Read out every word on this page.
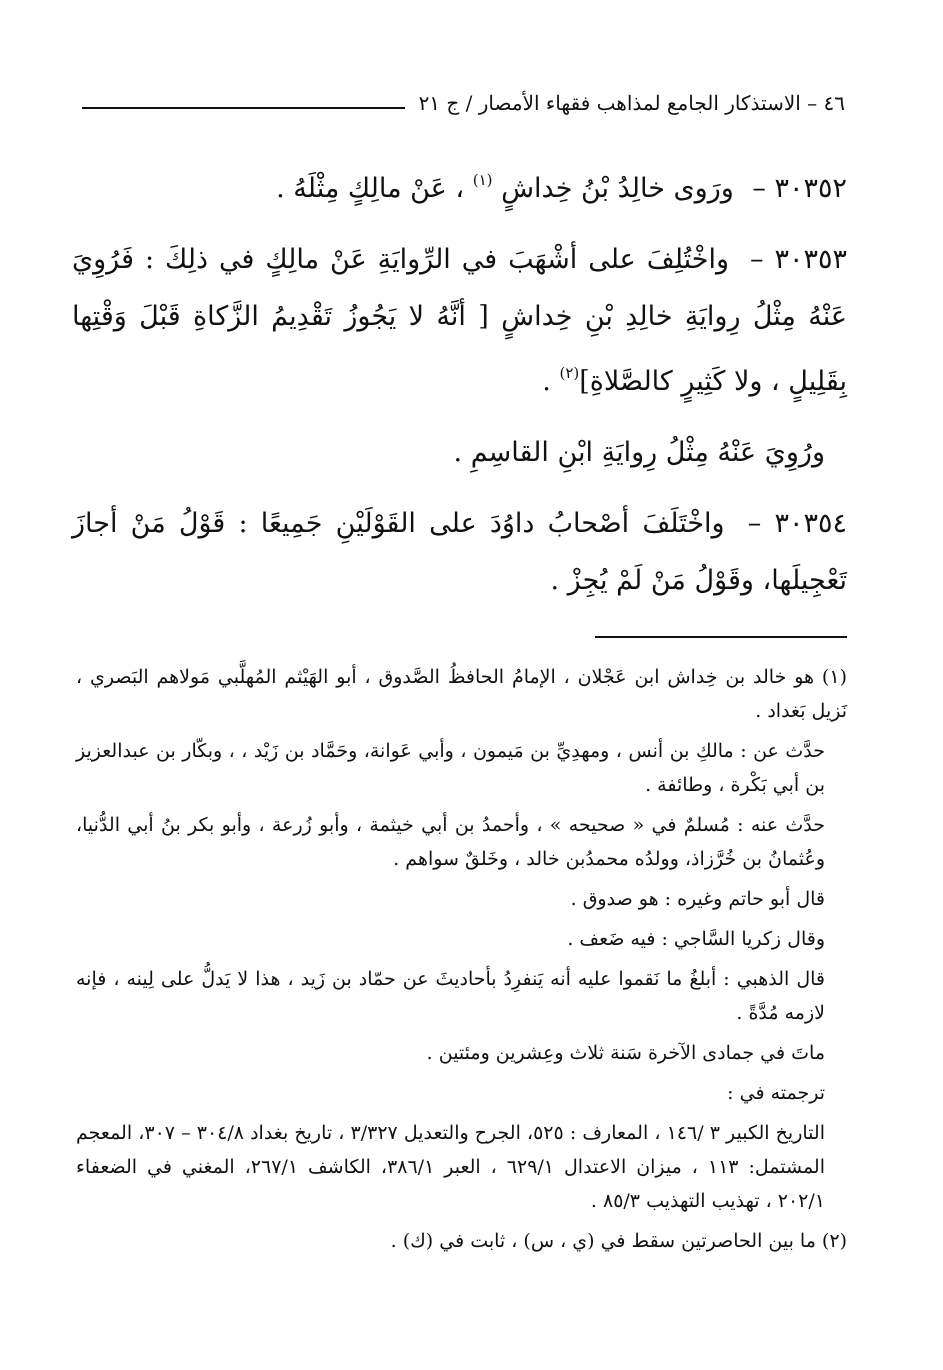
٤٦ – الاستذكار الجامع لمذاهب فقهاء الأمصار / ج ٢١

٣٠٣٥٢ – ورَوى خالِدُ بْنُ خِداشٍ $^{(١)}$ ، عَنْ مالِكٍ مِثْلَهُ .

٣٠٣٥٣ – واخْتُلِفَ على أشْهَبَ في الرِّوايَةِ عَنْ مالِكٍ في ذلِكَ : فَرُوِيَ عَنْهُ مِثْلُ رِوايَةِ خالِدِ بْنِ خِداشٍ [ أنَّهُ لا يَجُوزُ تَقْدِيمُ الزَّكاةِ قَبْلَ وَقْتِها بِقَلِيلٍ ، ولا كَثِيرٍ كالصَّلاةِ]$^{(٢)}$ .

ورُوِيَ عَنْهُ مِثْلُ رِوايَةِ ابْنِ القاسِمِ .

٣٠٣٥٤ – واخْتَلَفَ أصْحابُ داوُدَ على القَوْلَيْنِ جَمِيعًا : قَوْلُ مَنْ أجازَ تَعْجِيلَها، وقَوْلُ مَنْ لَمْ يُجِزْ .

(١) هو خالد بن خِداش ابن عَجْلان ، الإمامُ الحافظُ الصَّدوق ، أبو الهَيْثم المُهلَّبي مَولاهم البَصري ، نَزيل بَغداد .

حدَّث عن : مالكِ بن أنس ، ومهدِيِّ بن مَيمون ، وأبي عَوانة، وحَمَّاد بن زَيْد ، ، وبكّار بن عبدالعزيز بن أبي بَكْرة ، وطائفة .

حدَّث عنه : مُسلمٌ في « صحيحه » ، وأحمدُ بن أبي خيثمة ، وأبو زُرعة ، وأبو بكر بنُ أبي الدُّنيا، وعُثمانُ بن خُرَّزاذ، وولدُه محمدُبن خالد ، وخَلقٌ سواهم .

قال أبو حاتم وغيره : هو صدوق .

وقال زكريا السَّاجي : فيه ضَعف .

قال الذهبي : أبلغُ ما نَقموا عليه أنه يَنفرِدُ بأحاديثَ عن حمّاد بن زَيد ، هذا لا يَدلُّ على لِينه ، فإنه لازمه مُدَّةً .

ماتَ في جمادى الآخرة سَنة ثلاث وعِشرين ومئتين .

ترجمته في :

التاريخ الكبير ٣ /١٤٦ ، المعارف : ٥٢٥، الجرح والتعديل ٣/٣٢٧ ، تاريخ بغداد ٣٠٤/٨ – ٣٠٧، المعجم المشتمل: ١١٣ ، ميزان الاعتدال ٦٢٩/١ ، العبر ٣٨٦/١، الكاشف ٢٦٧/١، المغني في الضعفاء ٢٠٢/١ ، تهذيب التهذيب ٨٥/٣ .

(٢) ما بين الحاصرتين سقط في (ي ، س) ، ثابت في (ك) .
